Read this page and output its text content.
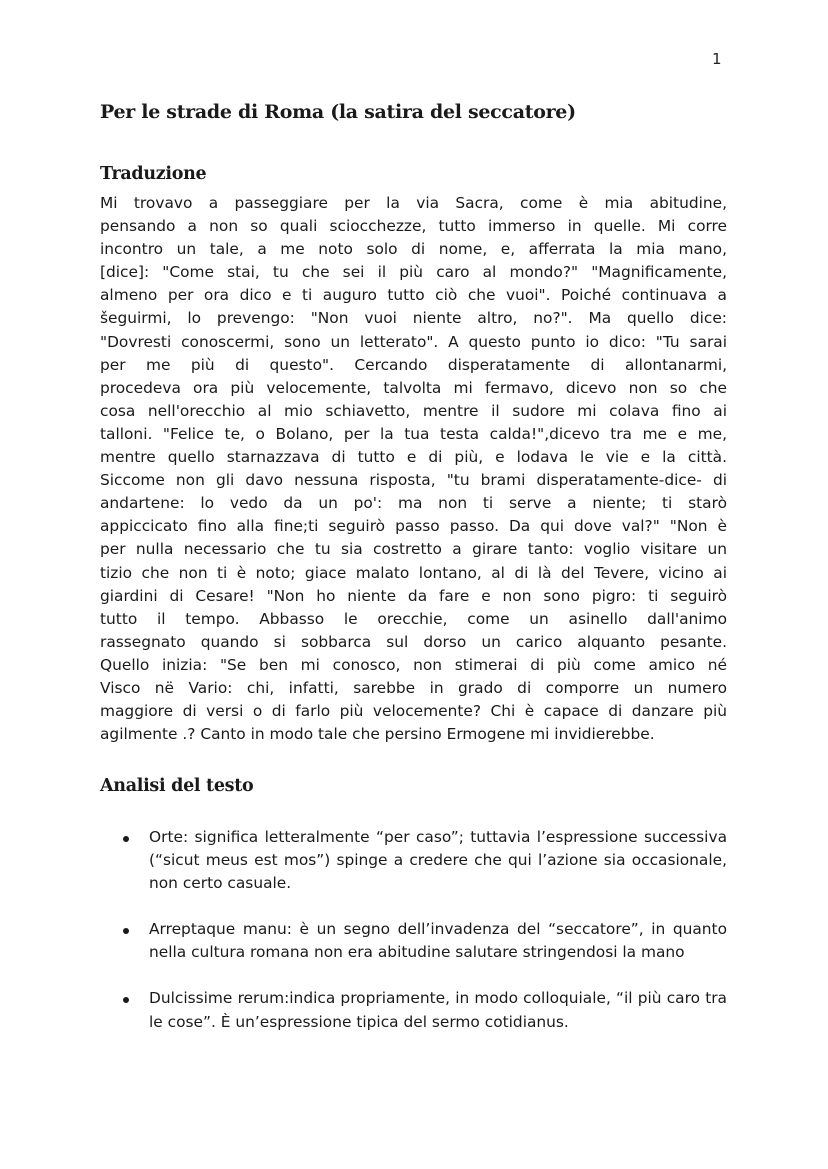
1
Per le strade di Roma (la satira del seccatore)
Traduzione
Mi trovavo a passeggiare per la via Sacra, come è mia abitudine,
pensando a non so quali sciocchezze, tutto immerso in quelle. Mi corre
incontro un tale, a me noto solo di nome, e, afferrata la mia mano,
[dice]: "Come stai, tu che sei il più caro al mondo?" "Magnificamente,
almeno per ora dico e ti auguro tutto ciò che vuoi". Poiché continuava a
šeguirmi, lo prevengo: "Non vuoi niente altro, no?". Ma quello dice:
"Dovresti conoscermi, sono un letterato". A questo punto io dico: "Tu sarai
per me più di questo". Cercando disperatamente di allontanarmi,
procedeva ora più velocemente, talvolta mi fermavo, dicevo non so che
cosa nell'orecchio al mio schiavetto, mentre il sudore mi colava fino ai
talloni. "Felice te, o Bolano, per la tua testa calda!",dicevo tra me e me,
mentre quello starnazzava di tutto e di più, e lodava le vie e la città.
Siccome non gli davo nessuna risposta, "tu brami disperatamente-dice- di
andartene: lo vedo da un po': ma non ti serve a niente; ti starò
appiccicato fino alla fine;ti seguirò passo passo. Da qui dove val?" "Non è
per nulla necessario che tu sia costretto a girare tanto: voglio visitare un
tizio che non ti è noto; giace malato lontano, al di là del Tevere, vicino ai
giardini di Cesare! "Non ho niente da fare e non sono pigro: ti seguirò
tutto il tempo. Abbasso le orecchie, come un asinello dall'animo
rassegnato quando si sobbarca sul dorso un carico alquanto pesante.
Quello inizia: "Se ben mi conosco, non stimerai di più come amico né
Visco në Vario: chi, infatti, sarebbe in grado di comporre un numero
maggiore di versi o di farlo più velocemente? Chi è capace di danzare più
agilmente .? Canto in modo tale che persino Ermogene mi invidierebbe.
Analisi del testo
Orte: significa letteralmente “per caso”; tuttavia l’espressione successiva (“sicut meus est mos”) spinge a credere che qui l’azione sia occasionale, non certo casuale.
Arreptaque manu: è un segno dell’invadenza del “seccatore”, in quanto nella cultura romana non era abitudine salutare stringendosi la mano
Dulcissime rerum:indica propriamente, in modo colloquiale, “il più caro tra le cose”. È un’espressione tipica del sermo cotidianus.
